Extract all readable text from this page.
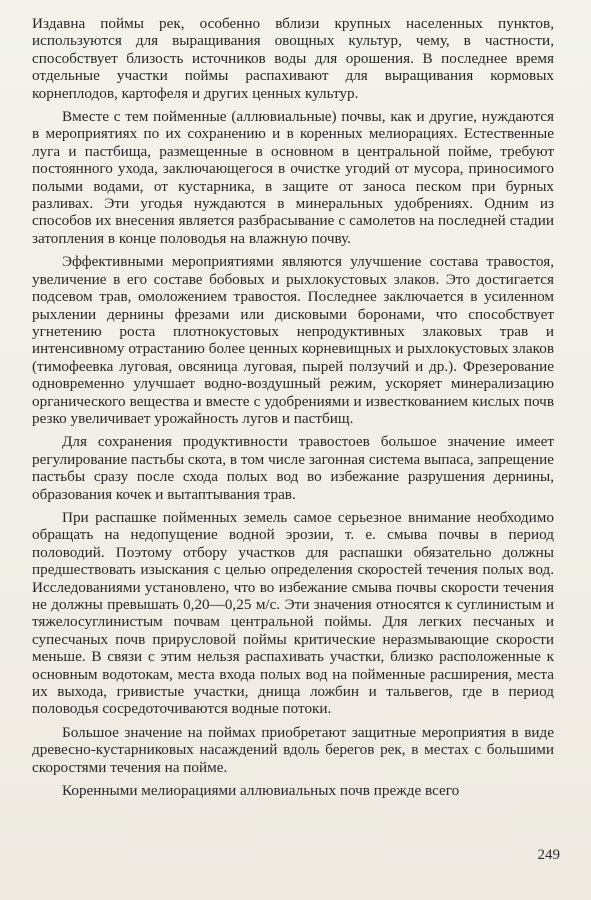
Издавна поймы рек, особенно вблизи крупных населенных пунктов, используются для выращивания овощных культур, чему, в частности, способствует близость источников воды для орошения. В последнее время отдельные участки поймы распахивают для выращивания кормовых корнеплодов, картофеля и других ценных культур.

Вместе с тем пойменные (аллювиальные) почвы, как и другие, нуждаются в мероприятиях по их сохранению и в коренных мелиорациях. Естественные луга и пастбища, размещенные в основном в центральной пойме, требуют постоянного ухода, заключающегося в очистке угодий от мусора, приносимого полыми водами, от кустарника, в защите от заноса песком при бурных разливах. Эти угодья нуждаются в минеральных удобрениях. Одним из способов их внесения является разбрасывание с самолетов на последней стадии затопления в конце половодья на влажную почву.

Эффективными мероприятиями являются улучшение состава травостоя, увеличение в его составе бобовых и рыхлокустовых злаков. Это достигается подсевом трав, омоложением травостоя. Последнее заключается в усиленном рыхлении дернины фрезами или дисковыми боронами, что способствует угнетению роста плотнокустовых непродуктивных злаковых трав и интенсивному отрастанию более ценных корневищных и рыхлокустовых злаков (тимофеевка луговая, овсяница луговая, пырей ползучий и др.). Фрезерование одновременно улучшает водно-воздушный режим, ускоряет минерализацию органического вещества и вместе с удобрениями и известкованием кислых почв резко увеличивает урожайность лугов и пастбищ.

Для сохранения продуктивности травостоев большое значение имеет регулирование пастьбы скота, в том числе загонная система выпаса, запрещение пастьбы сразу после схода полых вод во избежание разрушения дернины, образования кочек и вытаптывания трав.

При распашке пойменных земель самое серьезное внимание необходимо обращать на недопущение водной эрозии, т. е. смыва почвы в период половодий. Поэтому отбору участков для распашки обязательно должны предшествовать изыскания с целью определения скоростей течения полых вод. Исследованиями установлено, что во избежание смыва почвы скорости течения не должны превышать 0,20—0,25 м/с. Эти значения относятся к суглинистым и тяжелосуглинистым почвам центральной поймы. Для легких песчаных и супесчаных почв прирусловой поймы критические неразмывающие скорости меньше. В связи с этим нельзя распахивать участки, близко расположенные к основным водотокам, места входа полых вод на пойменные расширения, места их выхода, гривистые участки, днища ложбин и тальвегов, где в период половодья сосредоточиваются водные потоки.

Большое значение на поймах приобретают защитные мероприятия в виде древесно-кустарниковых насаждений вдоль берегов рек, в местах с большими скоростями течения на пойме.

Коренными мелиорациями аллювиальных почв прежде всего

249
